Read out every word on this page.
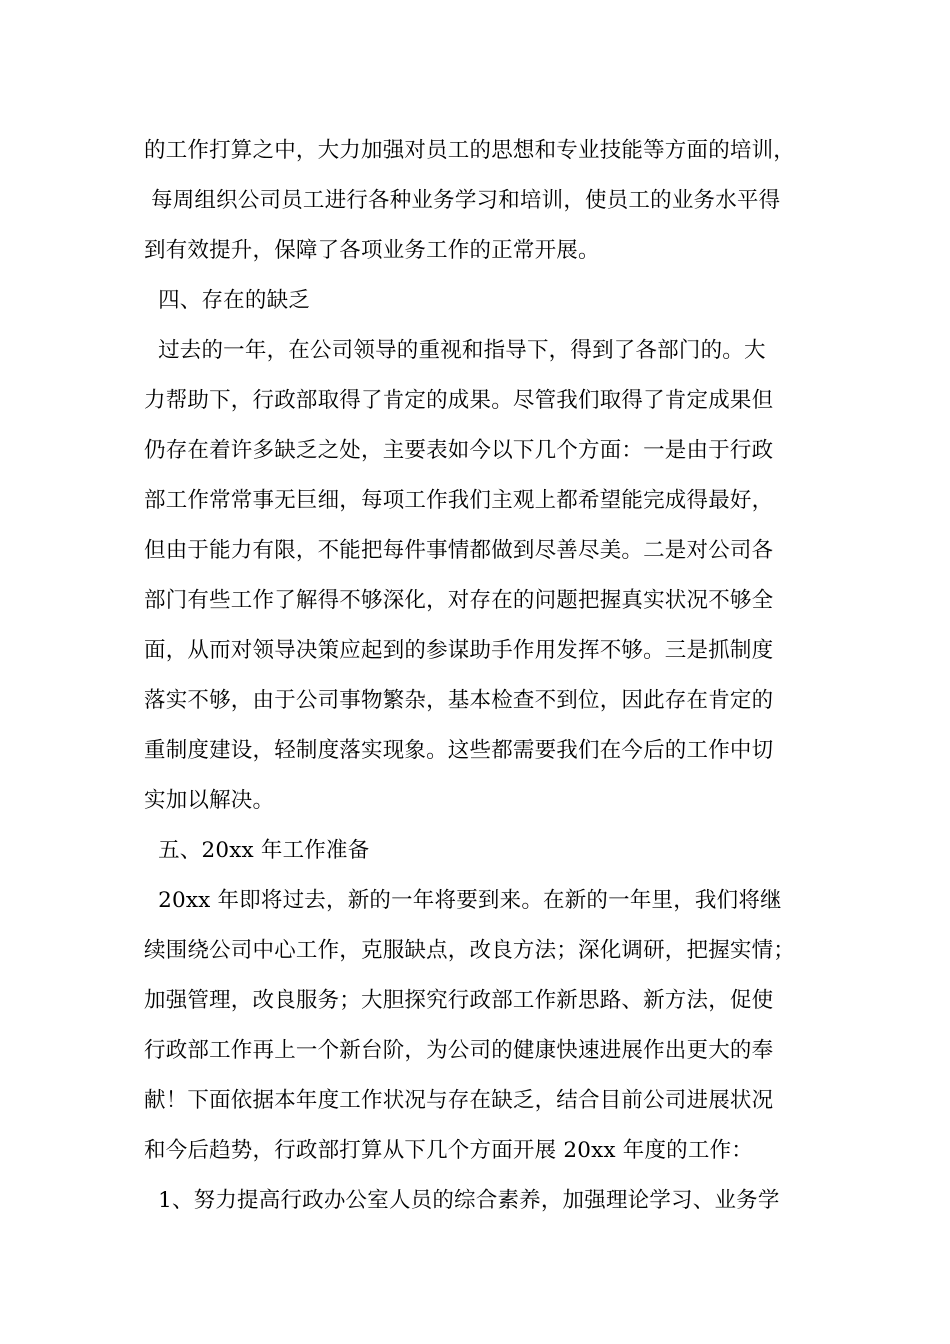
的工作打算之中，大力加强对员工的思想和专业技能等方面的培训，
每周组织公司员工进行各种业务学习和培训，使员工的业务水平得
到有效提升，保障了各项业务工作的正常开展。
四、存在的缺乏
过去的一年，在公司领导的重视和指导下，得到了各部门的。大
力帮助下，行政部取得了肯定的成果。尽管我们取得了肯定成果但
仍存在着许多缺乏之处，主要表如今以下几个方面：一是由于行政
部工作常常事无巨细，每项工作我们主观上都希望能完成得最好，
但由于能力有限，不能把每件事情都做到尽善尽美。二是对公司各
部门有些工作了解得不够深化，对存在的问题把握真实状况不够全
面，从而对领导决策应起到的参谋助手作用发挥不够。三是抓制度
落实不够，由于公司事物繁杂，基本检查不到位，因此存在肯定的
重制度建设，轻制度落实现象。这些都需要我们在今后的工作中切
实加以解决。
五、20xx 年工作准备
20xx 年即将过去，新的一年将要到来。在新的一年里，我们将继
续围绕公司中心工作，克服缺点，改良方法；深化调研，把握实情；
加强管理，改良服务；大胆探究行政部工作新思路、新方法，促使
行政部工作再上一个新台阶，为公司的健康快速进展作出更大的奉
献！下面依据本年度工作状况与存在缺乏，结合目前公司进展状况
和今后趋势，行政部打算从下几个方面开展 20xx 年度的工作：
1、努力提高行政办公室人员的综合素养，加强理论学习、业务学
